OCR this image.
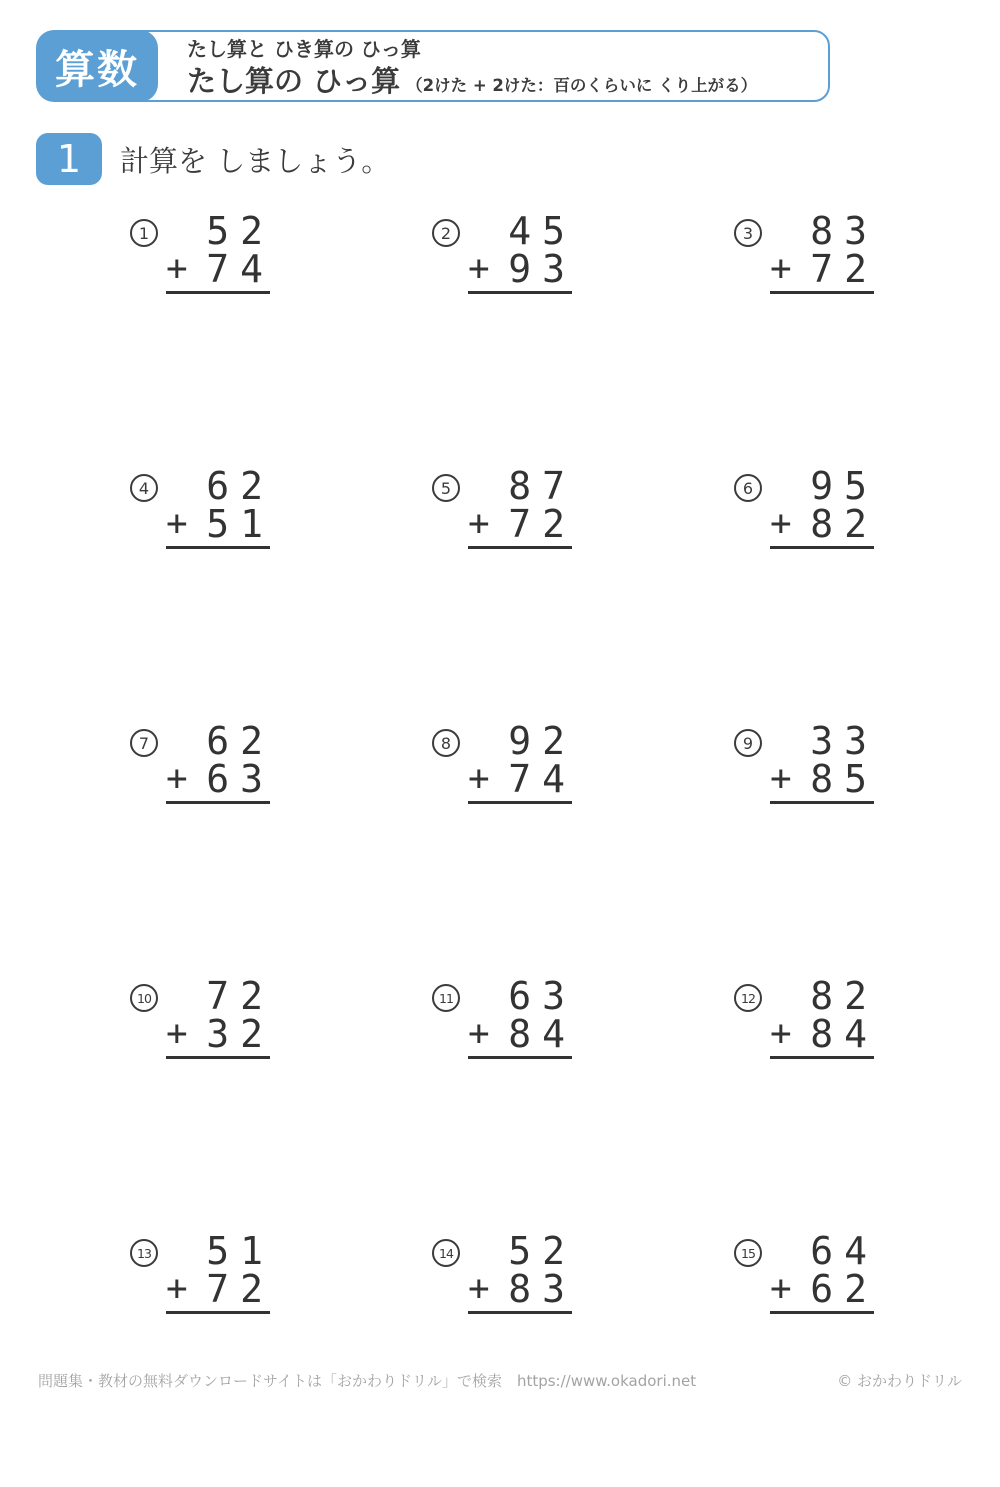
たし算と ひき算の ひっ算
たし算の ひっ算 （2けた + 2けた：百のくらいに くり上がる）
算数
1	計算を しましょう。
1	52
+ 74
2	45
+ 93
3	83
+ 72
4	62
+ 51
5	87
+ 72
6	95
+ 82
7	62
+ 63
8	92
+ 74
9	33
+ 85
10	72
+ 32
11	63
+ 84
12	82
+ 84
13	51
+ 72
14	52
+ 83
15	64
+ 62
問題集・教材の無料ダウンロードサイトは「おかわりドリル」で検索　https://www.okadori.net	© おかわりドリル
